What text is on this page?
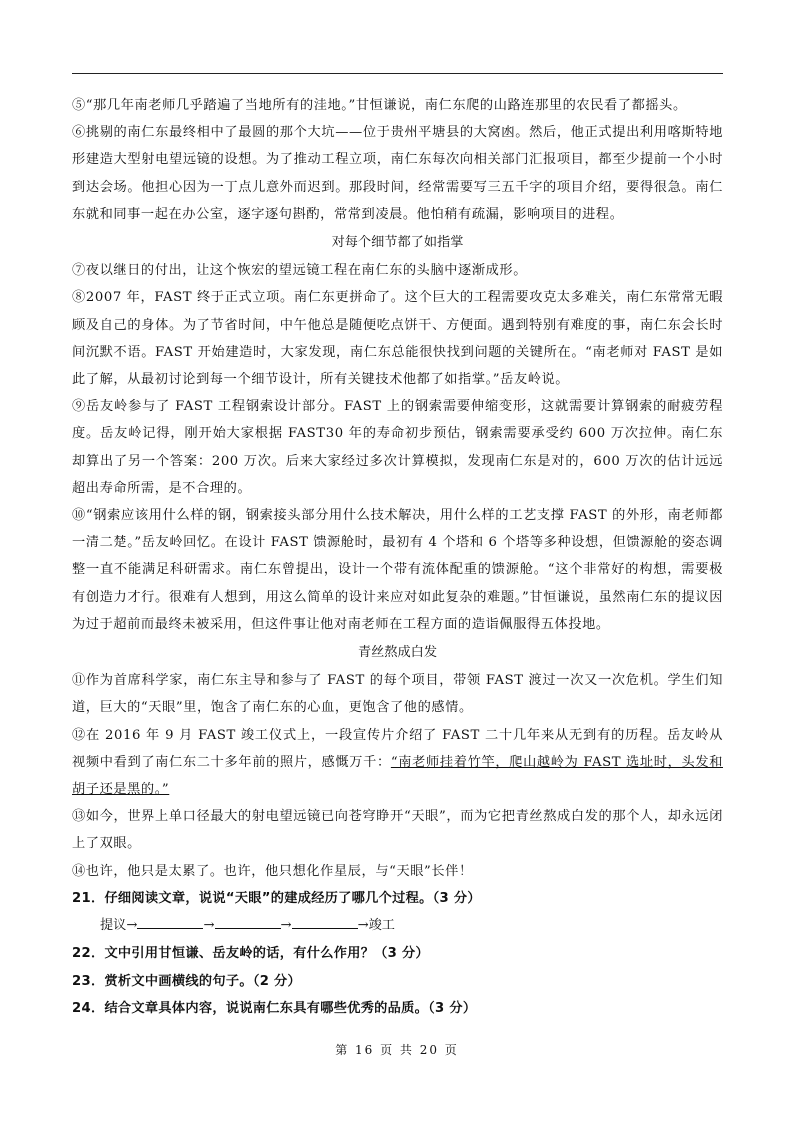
⑤“那几年南老师几乎踏遍了当地所有的洼地。”甘恒谦说，南仁东爬的山路连那里的农民看了都摇头。

⑥挑剔的南仁东最终相中了最圆的那个大坑——位于贵州平塘县的大窝凼。然后，他正式提出利用喀斯特地形建造大型射电望远镜的设想。为了推动工程立项，南仁东每次向相关部门汇报项目，都至少提前一个小时到达会场。他担心因为一丁点儿意外而迟到。那段时间，经常需要写三五千字的项目介绍，要得很急。南仁东就和同事一起在办公室，逐字逐句斟酌，常常到凌晨。他怕稍有疏漏，影响项目的进程。

对每个细节都了如指掌

⑦夜以继日的付出，让这个恢宏的望远镜工程在南仁东的头脑中逐渐成形。

⑧2007 年，FAST 终于正式立项。南仁东更拼命了。这个巨大的工程需要攻克太多难关，南仁东常常无暇顾及自己的身体。为了节省时间，中午他总是随便吃点饼干、方便面。遇到特别有难度的事，南仁东会长时间沉默不语。FAST 开始建造时，大家发现，南仁东总能很快找到问题的关键所在。“南老师对 FAST 是如此了解，从最初讨论到每一个细节设计，所有关键技术他都了如指掌。”岳友岭说。

⑨岳友岭参与了 FAST 工程钢索设计部分。FAST 上的钢索需要伸缩变形，这就需要计算钢索的耐疲劳程度。岳友岭记得，刚开始大家根据 FAST30 年的寿命初步预估，钢索需要承受约 600 万次拉伸。南仁东却算出了另一个答案：200 万次。后来大家经过多次计算模拟，发现南仁东是对的，600 万次的估计远远超出寿命所需，是不合理的。

⑩“钢索应该用什么样的钢，钢索接头部分用什么技术解决，用什么样的工艺支撑 FAST 的外形，南老师都一清二楚。”岳友岭回忆。在设计 FAST 馈源舱时，最初有 4 个塔和 6 个塔等多种设想，但馈源舱的姿态调整一直不能满足科研需求。南仁东曾提出，设计一个带有流体配重的馈源舱。“这个非常好的构想，需要极有创造力才行。很难有人想到，用这么简单的设计来应对如此复杂的难题。”甘恒谦说，虽然南仁东的提议因为过于超前而最终未被采用，但这件事让他对南老师在工程方面的造诣佩服得五体投地。

青丝熬成白发

⑪作为首席科学家，南仁东主导和参与了 FAST 的每个项目，带领 FAST 渡过一次又一次危机。学生们知道，巨大的“天眼”里，饱含了南仁东的心血，更饱含了他的感情。

⑫在 2016 年 9 月 FAST 竣工仪式上，一段宣传片介绍了 FAST 二十几年来从无到有的历程。岳友岭从视频中看到了南仁东二十多年前的照片，感慨万千：“南老师挂着竹竿，爬山越岭为 FAST 选址时，头发和胡子还是黑的。”

⑬如今，世界上单口径最大的射电望远镜已向苍穹睁开“天眼”，而为它把青丝熬成白发的那个人，却永远闭上了双眼。

⑭也许，他只是太累了。也许，他只想化作星辰，与“天眼”长伴！

21．仔细阅读文章，说说“天眼”的建成经历了哪几个过程。（3 分）
提议→	→	→	→竣工
22．文中引用甘恒谦、岳友岭的话，有什么作用？（3 分）
23．赏析文中画横线的句子。（2 分）
24．结合文章具体内容，说说南仁东具有哪些优秀的品质。（3 分）
第 16 页 共 20 页
